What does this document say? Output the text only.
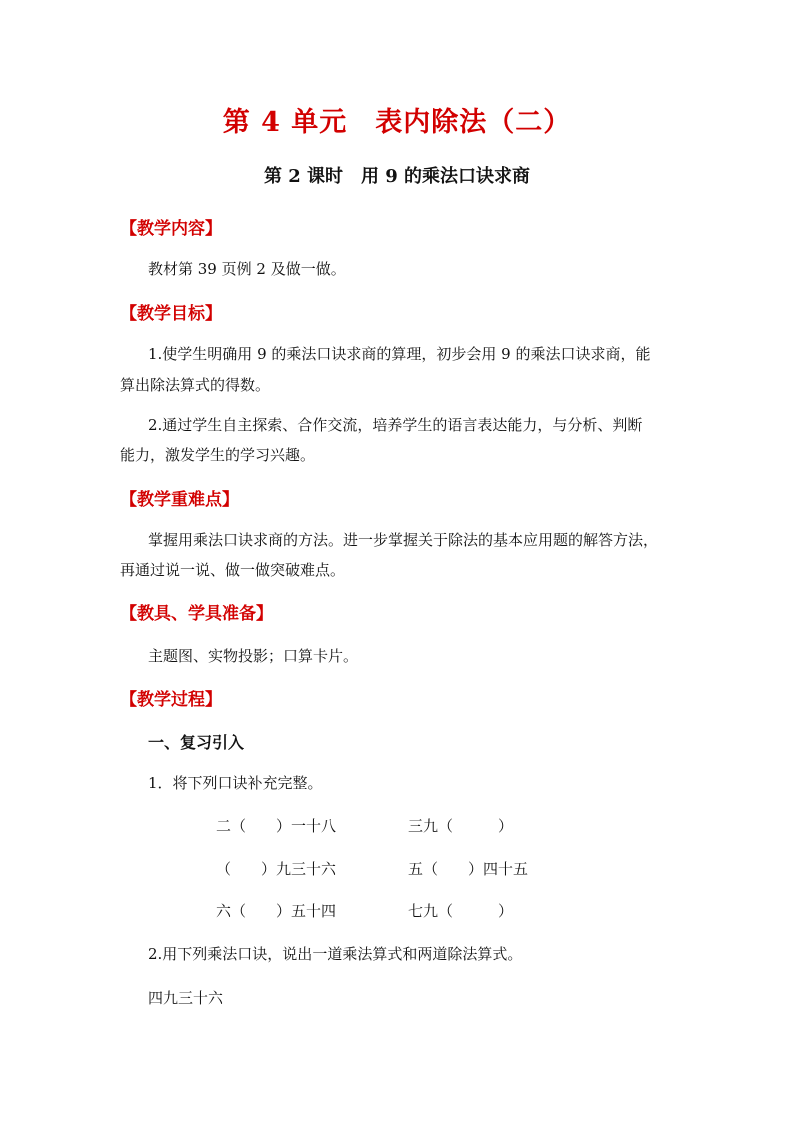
第 4 单元　表内除法（二）
第 2 课时　用 9 的乘法口诀求商
【教学内容】
教材第 39 页例 2 及做一做。
【教学目标】
1.使学生明确用 9 的乘法口诀求商的算理，初步会用 9 的乘法口诀求商，能
算出除法算式的得数。
2.通过学生自主探索、合作交流，培养学生的语言表达能力，与分析、判断
能力，激发学生的学习兴趣。
【教学重难点】
掌握用乘法口诀求商的方法。进一步掌握关于除法的基本应用题的解答方法，
再通过说一说、做一做突破难点。
【教具、学具准备】
主题图、实物投影；口算卡片。
【教学过程】
一、复习引入
1．将下列口诀补充完整。
二（　　）一十八	三九（　　　）
（　　）九三十六	五（　　）四十五
六（　　）五十四	七九（　　　）
2.用下列乘法口诀，说出一道乘法算式和两道除法算式。
四九三十六
